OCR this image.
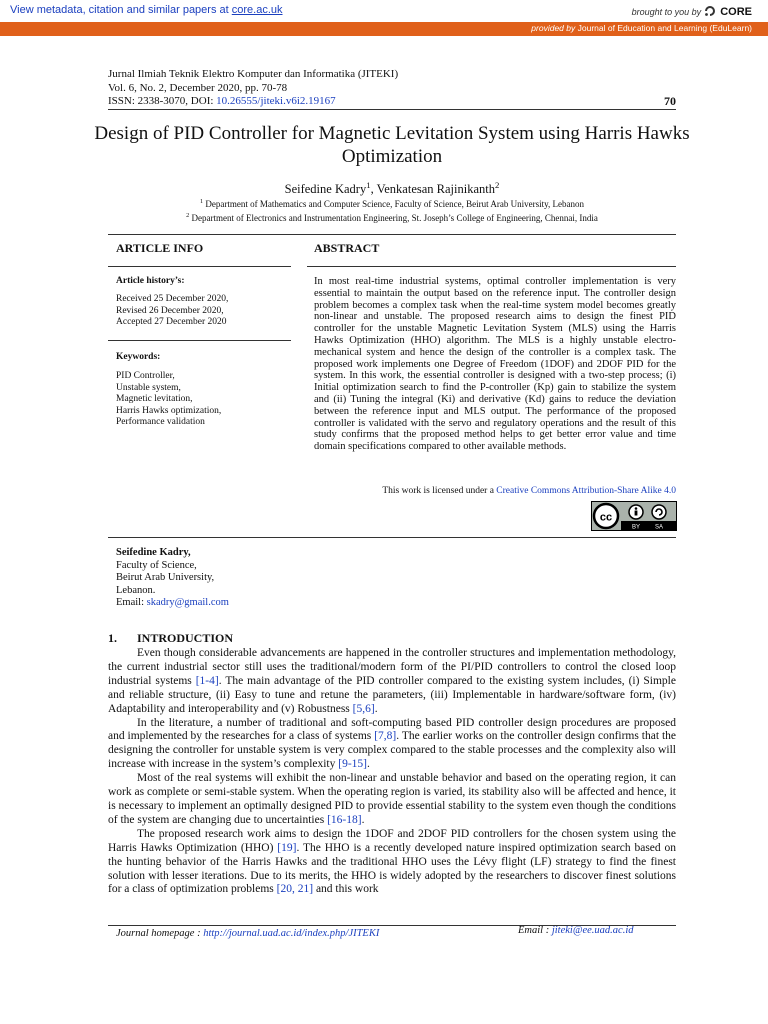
View metadata, citation and similar papers at core.ac.uk	brought to you by CORE
provided by Journal of Education and Learning (EduLearn)
Jurnal Ilmiah Teknik Elektro Komputer dan Informatika (JITEKI)
Vol. 6, No. 2, December 2020, pp. 70-78
ISSN: 2338-3070, DOI: 10.26555/jiteki.v6i2.19167	70
Design of PID Controller for Magnetic Levitation System using Harris Hawks Optimization
Seifedine Kadry$^1$, Venkatesan Rajinikanth$^2$
$^1$ Department of Mathematics and Computer Science, Faculty of Science, Beirut Arab University, Lebanon
$^2$ Department of Electronics and Instrumentation Engineering, St. Joseph’s College of Engineering, Chennai, India
ARTICLE INFO	ABSTRACT
Article history’s:
Received 25 December 2020,
Revised 26 December 2020,
Accepted 27 December 2020
Keywords:
PID Controller,
Unstable system,
Magnetic levitation,
Harris Hawks optimization,
Performance validation
In most real-time industrial systems, optimal controller implementation is very essential to maintain the output based on the reference input. The controller design problem becomes a complex task when the real-time system model becomes greatly non-linear and unstable. The proposed research aims to design the finest PID controller for the unstable Magnetic Levitation System (MLS) using the Harris Hawks Optimization (HHO) algorithm. The MLS is a highly unstable electro-mechanical system and hence the design of the controller is a complex task. The proposed work implements one Degree of Freedom (1DOF) and 2DOF PID for the system. In this work, the essential controller is designed with a two-step process; (i) Initial optimization search to find the P-controller (Kp) gain to stabilize the system and (ii) Tuning the integral (Ki) and derivative (Kd) gains to reduce the deviation between the reference input and MLS output. The performance of the proposed controller is validated with the servo and regulatory operations and the result of this study confirms that the proposed method helps to get better error value and time domain specifications compared to other available methods.
This work is licensed under a Creative Commons Attribution-Share Alike 4.0
cc
BY SA
Seifedine Kadry,
Faculty of Science,
Beirut Arab University,
Lebanon.
Email: skadry@gmail.com
1. INTRODUCTION

Even though considerable advancements are happened in the controller structures and implementation methodology, the current industrial sector still uses the traditional/modern form of the PI/PID controllers to control the closed loop industrial systems [1-4]. The main advantage of the PID controller compared to the existing system includes, (i) Simple and reliable structure, (ii) Easy to tune and retune the parameters, (iii) Implementable in hardware/software form, (iv) Adaptability and interoperability and (v) Robustness [5,6].

In the literature, a number of traditional and soft-computing based PID controller design procedures are proposed and implemented by the researches for a class of systems [7,8]. The earlier works on the controller design confirms that the designing the controller for unstable system is very complex compared to the stable processes and the complexity also will increase with increase in the system’s complexity [9-15].

Most of the real systems will exhibit the non-linear and unstable behavior and based on the operating region, it can work as complete or semi-stable system. When the operating region is varied, its stability also will be affected and hence, it is necessary to implement an optimally designed PID to provide essential stability to the system even though the conditions of the system are changing due to uncertainties [16-18].

The proposed research work aims to design the 1DOF and 2DOF PID controllers for the chosen system using the Harris Hawks Optimization (HHO) [19]. The HHO is a recently developed nature inspired optimization search based on the hunting behavior of the Harris Hawks and the traditional HHO uses the Lévy flight (LF) strategy to find the finest solution with lesser iterations. Due to its merits, the HHO is widely adopted by the researchers to discover finest solutions for a class of optimization problems [20, 21] and this work

Journal homepage : http://journal.uad.ac.id/index.php/JITEKI	Email : jiteki@ee.uad.ac.id
